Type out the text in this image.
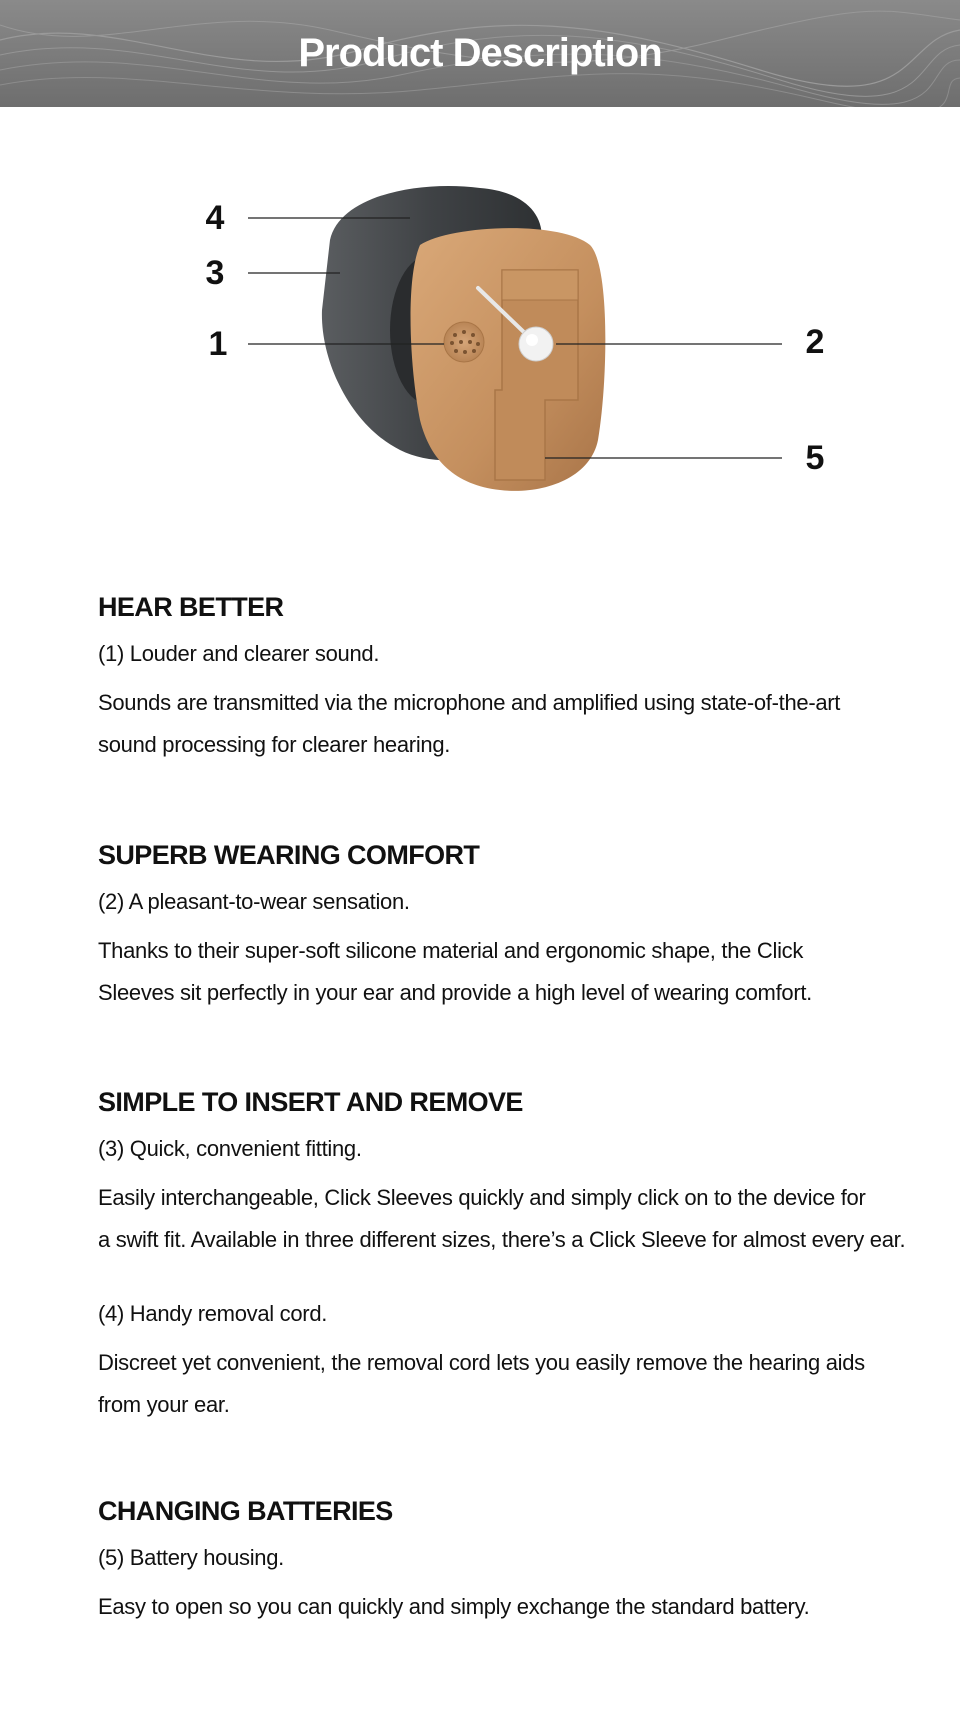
Product Description
4
3
1	2
5
HEAR BETTER

(1) Louder and clearer sound.

Sounds are transmitted via the microphone and amplified using state-of-the-art
sound processing for clearer hearing.

SUPERB WEARING COMFORT

(2) A pleasant-to-wear sensation.

Thanks to their super-soft silicone material and ergonomic shape, the Click
Sleeves sit perfectly in your ear and provide a high level of wearing comfort.

SIMPLE TO INSERT AND REMOVE

(3) Quick, convenient fitting.

Easily interchangeable, Click Sleeves quickly and simply click on to the device for
a swift fit. Available in three different sizes, there’s a Click Sleeve for almost every ear.

(4) Handy removal cord.

Discreet yet convenient, the removal cord lets you easily remove the hearing aids
from your ear.

CHANGING BATTERIES

(5) Battery housing.

Easy to open so you can quickly and simply exchange the standard battery.
